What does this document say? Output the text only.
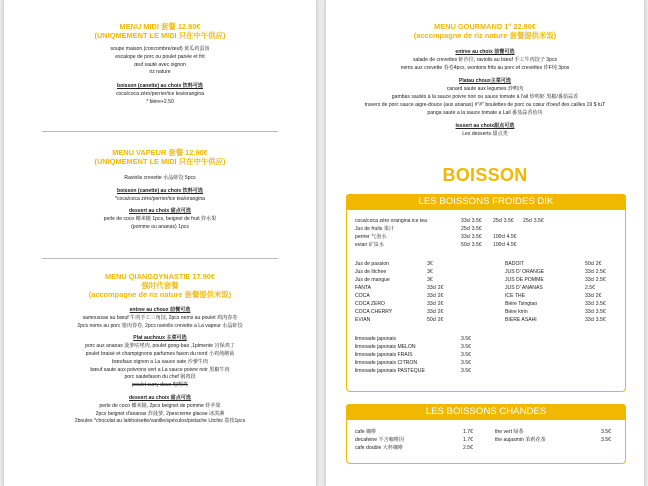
MENU MIDI 套餐 12.90€
(UNIQMEMENT LE MIDI 只在中午供应)
soupe maison (concombre/œuf) 黄瓜鸡蛋汤
escalope de porc ou poulet panée et frit
œuf sauté avec oignon
riz nature
boisson (canette) au choix 饮料可选
coca/coca zéro/perrier/ice tea/orangina
* bière+2.50
MENU VAPEUR 套餐 12.90€
(UNIQMEMENT LE MIDI 只在中午供应)
Raviolis crevette 水晶虾饺 5pcs
boisson (canette) au choix 饮料可选
*coca/coca zéro/perrier/ice tea/orangina
dessert au choix 甜点可选
perle de coco 椰米糍 1pcs, beignet de fruit 炸水果
(pomme ou ananas) 1pcs
MENU QIANGDYNASTIE 17.90€
强时代套餐
(accompagne de riz nature 套餐提供米饭)
entree au choux 前餐可选
samoussas au bœuf 牛肉手工三角饺, 2pcs nems au poulet 鸡肉春卷
2pcs nems au porc 猪肉春卷, 2pcs raviolis crevette a La vapeur 水晶虾饺
Plat auchoux 主菜可选
porc aux ananas 菠萝咕咾肉, poulet gong-bao ,1pimente 宫保鸡丁
poulet braisé et champignons parfumes fason du nord 小鸡炖蘑菇
bœufaux oignon a La sauce sate 沙爹牛肉
bœuf saute aux poivrons vert a La sauce poivre noir 黑椒牛肉
porc sautefason du chef 锅肉段
poulet curry doux 咖喱鸡
dessert au choix 甜点可选
perle de coco 椰米糍, 2pcs beignet de pomme 炸苹果
2pcs beignet d'ananas 炸菠萝, 2pescreme glacee 冰淇淋
2boules *chocolat au lait/noisette/vanille/spéculos/pistache Litchis 荔枝1pcs
MENU GOURMAND 1° 22.90€
(accompagne de riz nature 套餐提供米饭)
entree au choix 前餐可选
salade de crevettes 虾沙拉, raviolis au bœuf 手工牛肉饺子 3pcs
nems aux crevette 春卷4pcs, wontons frits au porc et crevettes 炸F炖 3pos
Platau choux主菜可选
canard saute aux legumes 炒鸭肉
gambas sautés à la sauce poivre noir ou sauce tomate à l'ail 炒明虾 黑椒/番茄蒜香
travers de porc sauce aigre-douce (aux ananas) #"#" boulettes de porc ou cœur d'oeuf des cailles 19 $ tuT
panga saute a la sauce tomate a Lail 番茄蒜香鱼块
lessert au choix甜点可选
Les desserts 甜点类
BOISSON
LES BOISSONS FROIDES DIK
coca/coca zéro orangina ice tea	33cl 3.5€ 25cl 3.5€ 25cl 3.5€
Jus de fruits 果汁	25cl 3.5€
perrier 气泡水	33cl 3.5€ 100cl 4.5€
evian 矿泉水	50cl 3.5€ 100cl 4.5€
Jus de passion	3€
Jus de litchee	3€
Jus de mangue	3€
FANTA	33cl 2€
COCA	33cl 2€
COCA ZERO	33cl 2€
COCA CHERRY	33cl 2€
EVIAN	50cl 2€
BADOIT	50cl 2€
JUS D' ORANGE	33cl 2.5€
JUS DE POMME	33cl 2.5€
JUS D' ANANAS	2.5€
ICE THE	33cl 2€
Bière Tsingtao	33cl 3.5€
Bière kirin	33cl 3.5€
BIERE ASAHI	33cl 3.5€
limonade japonais	3.5€
limonade japonais MELON	3.5€
limonade japonais FRAIS	3.5€
limonade japonais CITRON	3.5€
limonade japonais PASTEQUE	3.5€
LES BOISSONS CHANDES
cafe 咖啡	1.7€
decafeine 不含咖啡因	1.7€
cafe double 大杯咖啡	2.5€
the vert 绿茶	3.5€
the aujasmin 茉莉花茶	3.5€
